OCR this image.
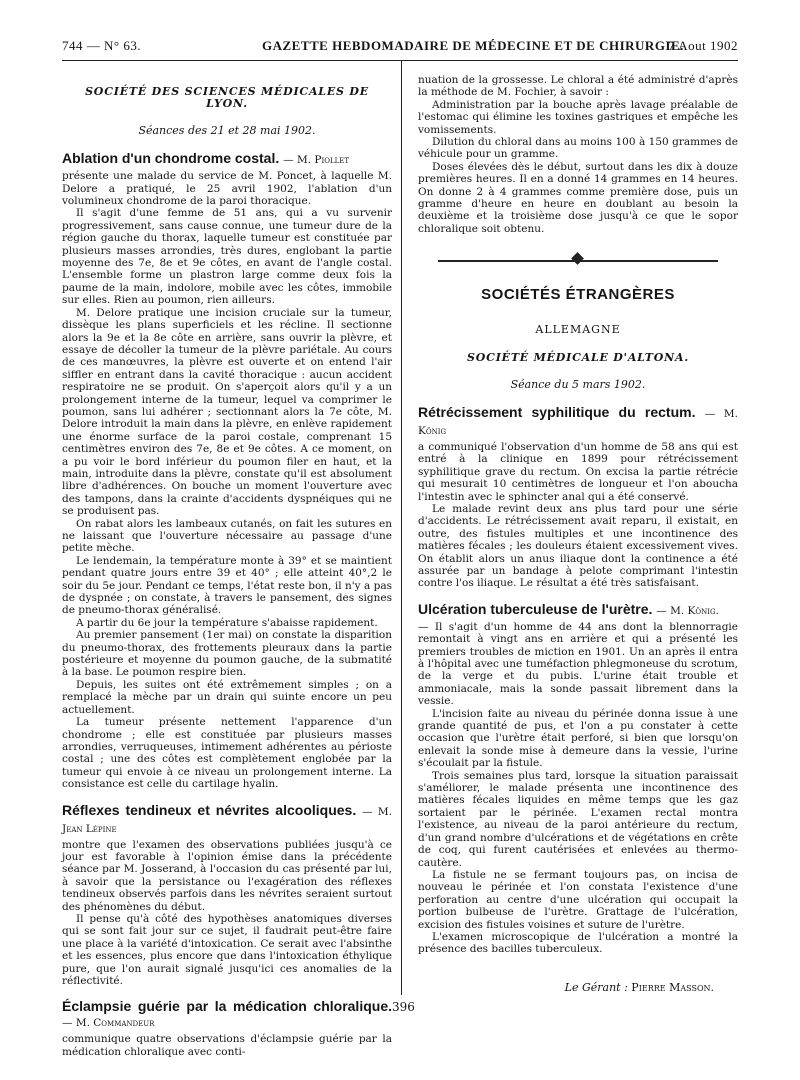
744 — N° 63.	GAZETTE HEBDOMADAIRE DE MÉDECINE ET DE CHIRURGIE.
7 Aout 1902
SOCIÉTÉ DES SCIENCES MÉDICALES DE LYON.
Séances des 21 et 28 mai 1902.
Ablation d'un chondrome costal. — M. Piollet

présente une malade du service de M. Poncet, à laquelle M. Delore a pratiqué, le 25 avril 1902, l'ablation d'un volumineux chondrome de la paroi thoracique.

Il s'agit d'une femme de 51 ans, qui a vu survenir progressivement, sans cause connue, une tumeur dure de la région gauche du thorax, laquelle tumeur est constituée par plusieurs masses arrondies, très dures, englobant la partie moyenne des 7e, 8e et 9e côtes, en avant de l'angle costal. L'ensemble forme un plastron large comme deux fois la paume de la main, indolore, mobile avec les côtes, immobile sur elles. Rien au poumon, rien ailleurs.

M. Delore pratique une incision cruciale sur la tumeur, dissèque les plans superficiels et les récline. Il sectionne alors la 9e et la 8e côte en arrière, sans ouvrir la plèvre, et essaye de décoller la tumeur de la plèvre pariétale. Au cours de ces manœuvres, la plèvre est ouverte et on entend l'air siffler en entrant dans la cavité thoracique : aucun accident respiratoire ne se produit. On s'aperçoit alors qu'il y a un prolongement interne de la tumeur, lequel va comprimer le poumon, sans lui adhérer ; sectionnant alors la 7e côte, M. Delore introduit la main dans la plèvre, en enlève rapidement une énorme surface de la paroi costale, comprenant 15 centimètres environ des 7e, 8e et 9e côtes. A ce moment, on a pu voir le bord inférieur du poumon filer en haut, et la main, introduite dans la plèvre, constate qu'il est absolument libre d'adhérences. On bouche un moment l'ouverture avec des tampons, dans la crainte d'accidents dyspnéiques qui ne se produisent pas.

On rabat alors les lambeaux cutanés, on fait les sutures en ne laissant que l'ouverture nécessaire au passage d'une petite mèche.

Le lendemain, la température monte à 39° et se maintient pendant quatre jours entre 39 et 40° ; elle atteint 40°,2 le soir du 5e jour. Pendant ce temps, l'état reste bon, il n'y a pas de dyspnée ; on constate, à travers le pansement, des signes de pneumo-thorax généralisé.

A partir du 6e jour la température s'abaisse rapidement.

Au premier pansement (1er mai) on constate la disparition du pneumo-thorax, des frottements pleuraux dans la partie postérieure et moyenne du poumon gauche, de la submatité à la base. Le poumon respire bien.

Depuis, les suites ont été extrêmement simples ; on a remplacé la mèche par un drain qui suinte encore un peu actuellement.

La tumeur présente nettement l'apparence d'un chondrome ; elle est constituée par plusieurs masses arrondies, verruqueuses, intimement adhérentes au périoste costal ; une des côtes est complètement englobée par la tumeur qui envoie à ce niveau un prolongement interne. La consistance est celle du cartilage hyalin.

Réflexes tendineux et névrites alcooliques. — M. Jean Lépine

montre que l'examen des observations publiées jusqu'à ce jour est favorable à l'opinion émise dans la précédente séance par M. Josserand, à l'occasion du cas présenté par lui, à savoir que la persistance ou l'exagération des réflexes tendineux observés parfois dans les névrites seraient surtout des phénomènes du début.

Il pense qu'à côté des hypothèses anatomiques diverses qui se sont fait jour sur ce sujet, il faudrait peut-être faire une place à la variété d'intoxication. Ce serait avec l'absinthe et les essences, plus encore que dans l'intoxication éthylique pure, que l'on aurait signalé jusqu'ici ces anomalies de la réflectivité.

Éclampsie guérie par la médication chloralique. — M. Commandeur

communique quatre observations d'éclampsie guérie par la médication chloralique avec conti-

nuation de la grossesse. Le chloral a été administré d'après la méthode de M. Fochier, à savoir :

Administration par la bouche après lavage préalable de l'estomac qui élimine les toxines gastriques et empêche les vomissements.

Dilution du chloral dans au moins 100 à 150 grammes de véhicule pour un gramme.

Doses élevées dès le début, surtout dans les dix à douze premières heures. Il en a donné 14 grammes en 14 heures. On donne 2 à 4 grammes comme première dose, puis un gramme d'heure en heure en doublant au besoin la deuxième et la troisième dose jusqu'à ce que le sopor chloralique soit obtenu.

SOCIÉTÉS ÉTRANGÈRES
ALLEMAGNE
SOCIÉTÉ MÉDICALE D'ALTONA.
Séance du 5 mars 1902.
Rétrécissement syphilitique du rectum. — M. König

a communiqué l'observation d'un homme de 58 ans qui est entré à la clinique en 1899 pour rétrécissement syphilitique grave du rectum. On excisa la partie rétrécie qui mesurait 10 centimètres de longueur et l'on abouchа l'intestin avec le sphincter anal qui a été conservé.

Le malade revint deux ans plus tard pour une série d'accidents. Le rétrécissement avait reparu, il existait, en outre, des fistules multiples et une incontinence des matières fécales ; les douleurs étaient excessivement vives. On établit alors un anus iliaque dont la continence a été assurée par un bandage à pelote comprimant l'intestin contre l'os iliaque. Le résultat a été très satisfaisant.

Ulcération tuberculeuse de l'urètre. — M. König.

— Il s'agit d'un homme de 44 ans dont la blennorragie remontait à vingt ans en arrière et qui a présenté les premiers troubles de miction en 1901. Un an après il entra à l'hôpital avec une tuméfaction phlegmoneuse du scrotum, de la verge et du pubis. L'urine était trouble et ammoniacale, mais la sonde passait librement dans la vessie.

L'incision faite au niveau du périnée donna issue à une grande quantité de pus, et l'on a pu constater à cette occasion que l'urètre était perforé, si bien que lorsqu'on enlevait la sonde mise à demeure dans la vessie, l'urine s'écoulait par la fistule.

Trois semaines plus tard, lorsque la situation paraissait s'améliorer, le malade présenta une incontinence des matières fécales liquides en même temps que les gaz sortaient par le périnée. L'examen rectal montra l'existence, au niveau de la paroi antérieure du rectum, d'un grand nombre d'ulcérations et de végétations en crête de coq, qui furent cautérisées et enlevées au thermo-cautère.

La fistule ne se fermant toujours pas, on incisa de nouveau le périnée et l'on constata l'existence d'une perforation au centre d'une ulcération qui occupait la portion bulbeuse de l'urètre. Grattage de l'ulcération, excision des fistules voisines et suture de l'urètre.

L'examen microscopique de l'ulcération a montré la présence des bacilles tuberculeux.

Le Gérant : Pierre Masson.
396
